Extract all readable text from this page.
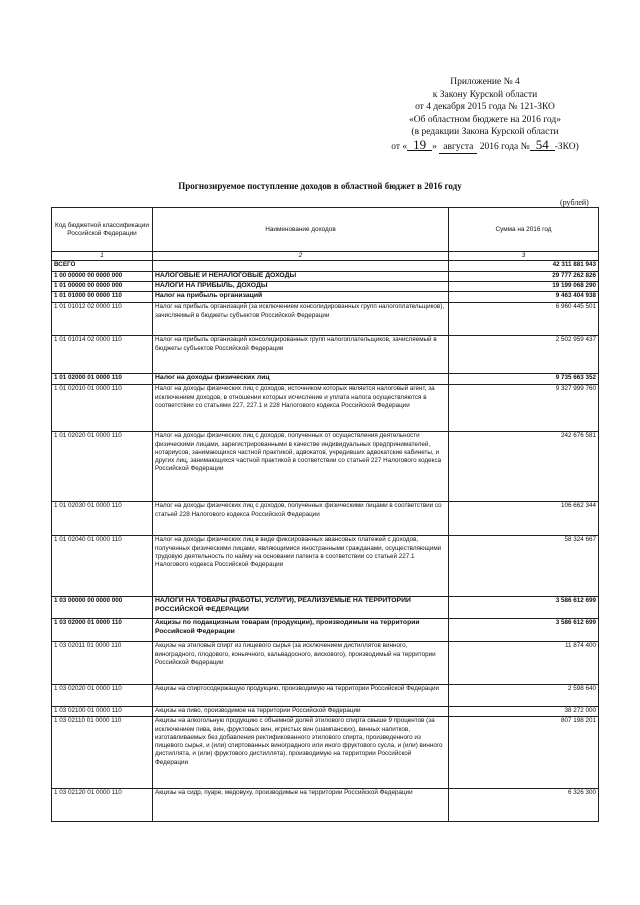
Приложение № 4
к Закону Курской области
от 4 декабря 2015 года № 121-ЗКО
«Об областном бюджете на 2016 год»
(в редакции Закона Курской области
от « 19 » августа 2016 года № 54 -ЗКО)
Прогнозируемое поступление доходов в областной бюджет в 2016 году
(рублей)
Код бюджетной классификации Российской Федерации	Наименование доходов	Сумма на 2016 год
1	2	3
ВСЕГО		42 311 881 943
1 00 00000 00 0000 000	НАЛОГОВЫЕ И НЕНАЛОГОВЫЕ ДОХОДЫ	29 777 262 826
1 01 00000 00 0000 000	НАЛОГИ НА ПРИБЫЛЬ, ДОХОДЫ	19 199 068 290
1 01 01000 00 0000 110	Налог на прибыль организаций	9 463 404 938
1 01 01012 02 0000 110	Налог на прибыль организаций (за исключением консолидированных групп налогоплательщиков), зачисляемый в бюджеты субъектов Российской Федерации	6 960 445 501
1 01 01014 02 0000 110	Налог на прибыль организаций консолидированных групп налогоплательщиков, зачисляемый в бюджеты субъектов Российской Федерации	2 502 959 437
1 01 02000 01 0000 110	Налог на доходы физических лиц	9 735 663 352
1 01 02010 01 0000 110	Налог на доходы физических лиц с доходов, источником которых является налоговый агент, за исключением доходов, в отношении которых исчисление и уплата налога осуществляются в соответствии со статьями 227, 227.1 и 228 Налогового кодекса Российской Федерации	9 327 999 760
1 01 02020 01 0000 110	Налог на доходы физических лиц с доходов, полученных от осуществления деятельности физическими лицами, зарегистрированными в качестве индивидуальных предпринимателей, нотариусов, занимающихся частной практикой, адвокатов, учредивших адвокатские кабинеты, и других лиц, занимающихся частной практикой в соответствии со статьей 227 Налогового кодекса Российской Федерации	242 676 581
1 01 02030 01 0000 110	Налог на доходы физических лиц с доходов, полученных физическими лицами в соответствии со статьей 228 Налогового кодекса Российской Федерации	106 662 344
1 01 02040 01 0000 110	Налог на доходы физических лиц в виде фиксированных авансовых платежей с доходов, полученных физическими лицами, являющимися иностранными гражданами, осуществляющими трудовую деятельность по найму на основании патента в соответствии со статьей 227.1 Налогового кодекса Российской Федерации	58 324 667
1 03 00000 00 0000 000	НАЛОГИ НА ТОВАРЫ (РАБОТЫ, УСЛУГИ), РЕАЛИЗУЕМЫЕ НА ТЕРРИТОРИИ РОССИЙСКОЙ ФЕДЕРАЦИИ	3 586 612 699
1 03 02000 01 0000 110	Акцизы по подакцизным товарам (продукции), производимым на территории Российской Федерации	3 586 612 699
1 03 02011 01 0000 110	Акцизы на этиловый спирт из пищевого сырья (за исключением дистиллятов винного, виноградного, плодового, коньячного, кальвадосного, вискового), производимый на территории Российской Федерации	11 874 400
1 03 02020 01 0000 110	Акцизы на спиртосодержащую продукцию, производимую на территории Российской Федерации	2 598 640
1 03 02100 01 0000 110	Акцизы на пиво, производимое на территории Российской Федерации	38 272 000
1 03 02110 01 0000 110	Акцизы на алкогольную продукцию с объемной долей этилового спирта свыше 9 процентов (за исключением пива, вин, фруктовых вин, игристых вин (шампанских), винных напитков, изготавливаемых без добавления ректификованного этилового спирта, произведенного из пищевого сырья, и (или) спиртованных виноградного или иного фруктового сусла, и (или) винного дистиллята, и (или) фруктового дистиллята), производимую на территории Российской Федерации	807 198 201
1 03 02120 01 0000 110	Акцизы на сидр, пуаре, медовуху, производимые на территории Российской Федерации	6 326 300
